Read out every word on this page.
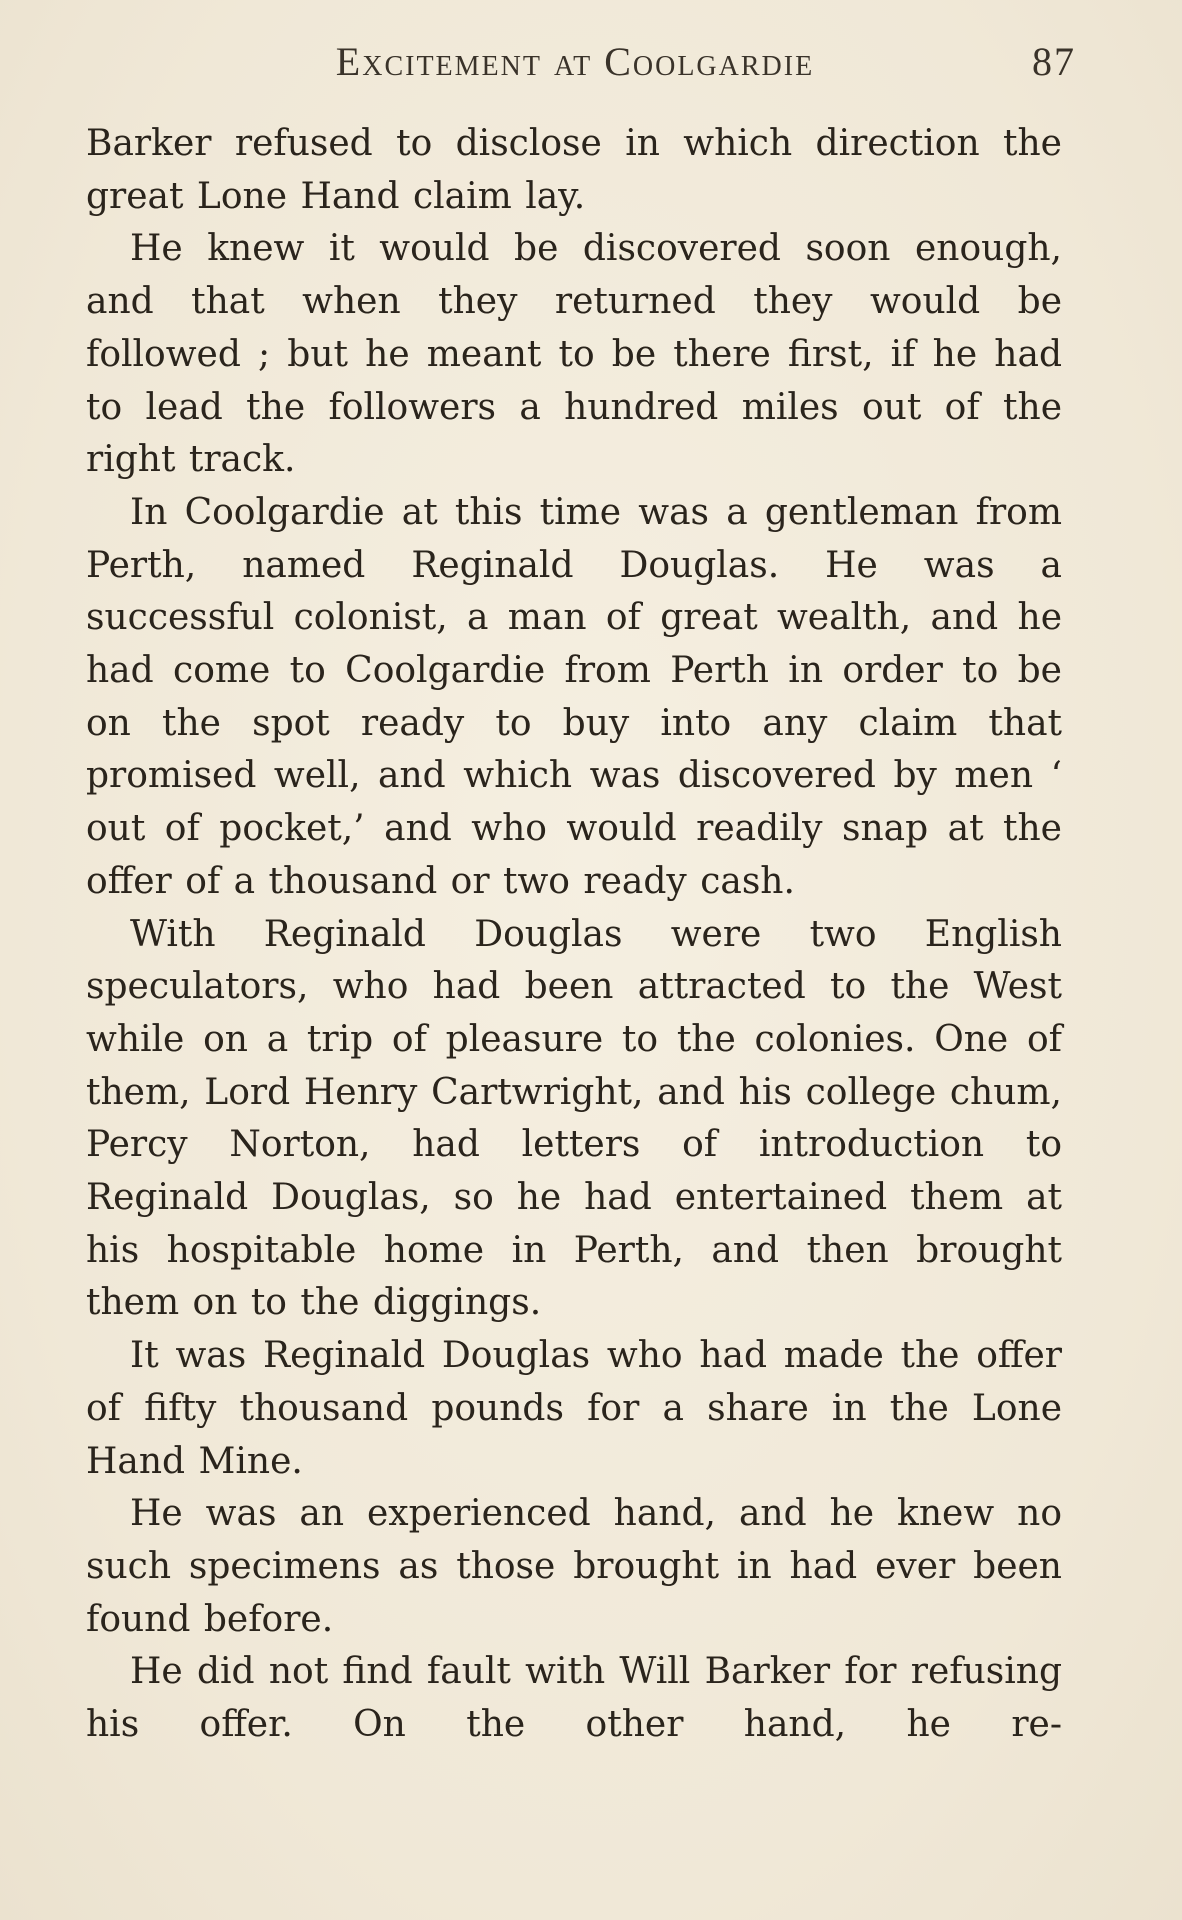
Excitement at Coolgardie	87

Barker refused to disclose in which direction the great Lone Hand claim lay.

He knew it would be discovered soon enough, and that when they returned they would be followed ; but he meant to be there first, if he had to lead the followers a hundred miles out of the right track.

In Coolgardie at this time was a gentleman from Perth, named Reginald Douglas. He was a successful colonist, a man of great wealth, and he had come to Coolgardie from Perth in order to be on the spot ready to buy into any claim that promised well, and which was discovered by men ‘ out of pocket,’ and who would readily snap at the offer of a thousand or two ready cash.

With Reginald Douglas were two English speculators, who had been attracted to the West while on a trip of pleasure to the colonies. One of them, Lord Henry Cartwright, and his college chum, Percy Norton, had letters of introduction to Reginald Douglas, so he had entertained them at his hospitable home in Perth, and then brought them on to the diggings.

It was Reginald Douglas who had made the offer of fifty thousand pounds for a share in the Lone Hand Mine.

He was an experienced hand, and he knew no such specimens as those brought in had ever been found before.

He did not find fault with Will Barker for refusing his offer. On the other hand, he re-
